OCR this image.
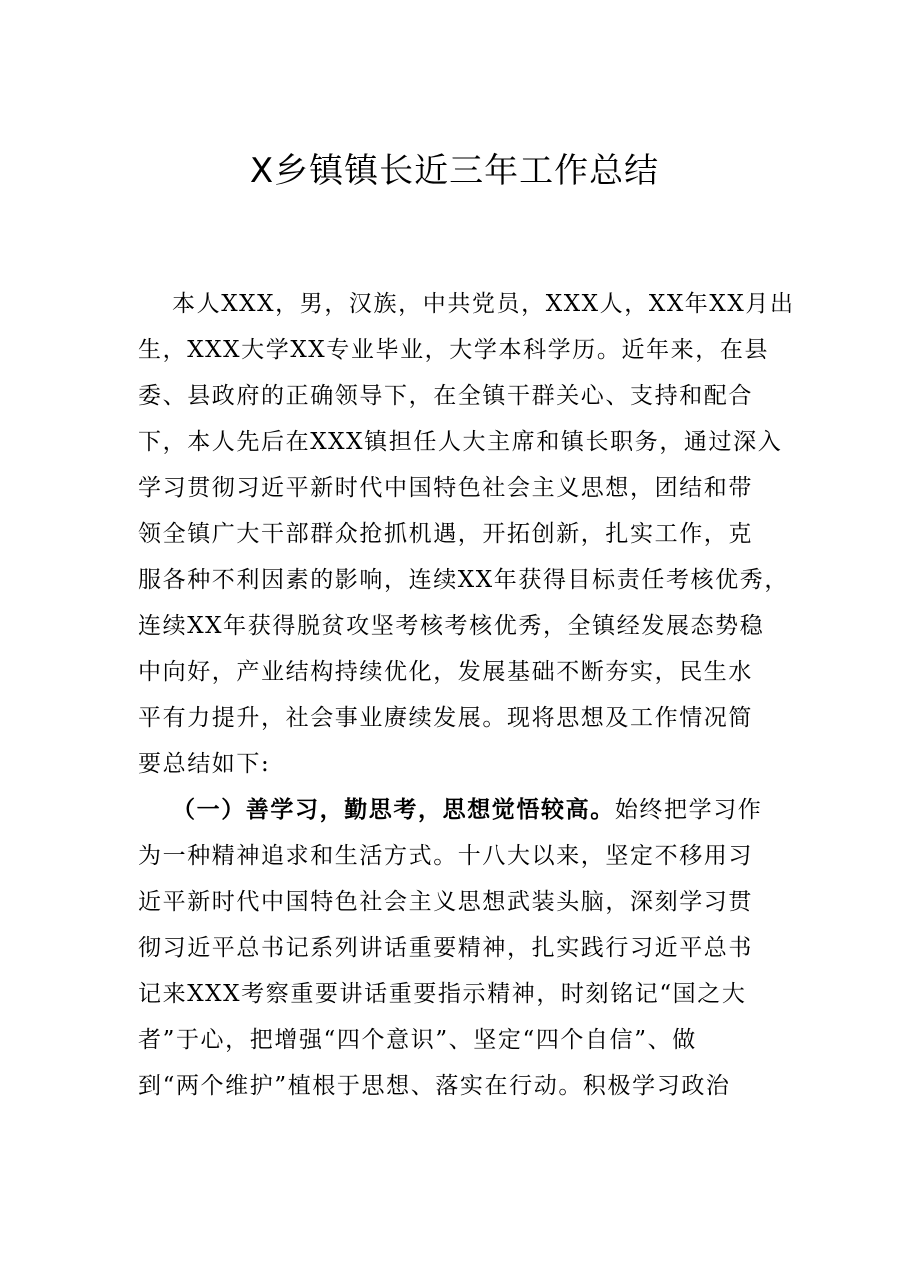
X乡镇镇长近三年工作总结
本人XXX，男，汉族，中共党员，XXX人，XX年XX月出
生，XXX大学XX专业毕业，大学本科学历。近年来，在县
委、县政府的正确领导下，在全镇干群关心、支持和配合
下，本人先后在XXX镇担任人大主席和镇长职务，通过深入
学习贯彻习近平新时代中国特色社会主义思想，团结和带
领全镇广大干部群众抢抓机遇，开拓创新，扎实工作，克
服各种不利因素的影响，连续XX年获得目标责任考核优秀，
连续XX年获得脱贫攻坚考核考核优秀，全镇经发展态势稳
中向好，产业结构持续优化，发展基础不断夯实，民生水
平有力提升，社会事业赓续发展。现将思想及工作情况简
要总结如下:
（一）善学习，勤思考，思想觉悟较高。始终把学习作
为一种精神追求和生活方式。十八大以来，坚定不移用习
近平新时代中国特色社会主义思想武装头脑，深刻学习贯
彻习近平总书记系列讲话重要精神，扎实践行习近平总书
记来XXX考察重要讲话重要指示精神，时刻铭记“国之大
者”于心，把增强“四个意识”、坚定“四个自信”、做
到“两个维护”植根于思想、落实在行动。积极学习政治
